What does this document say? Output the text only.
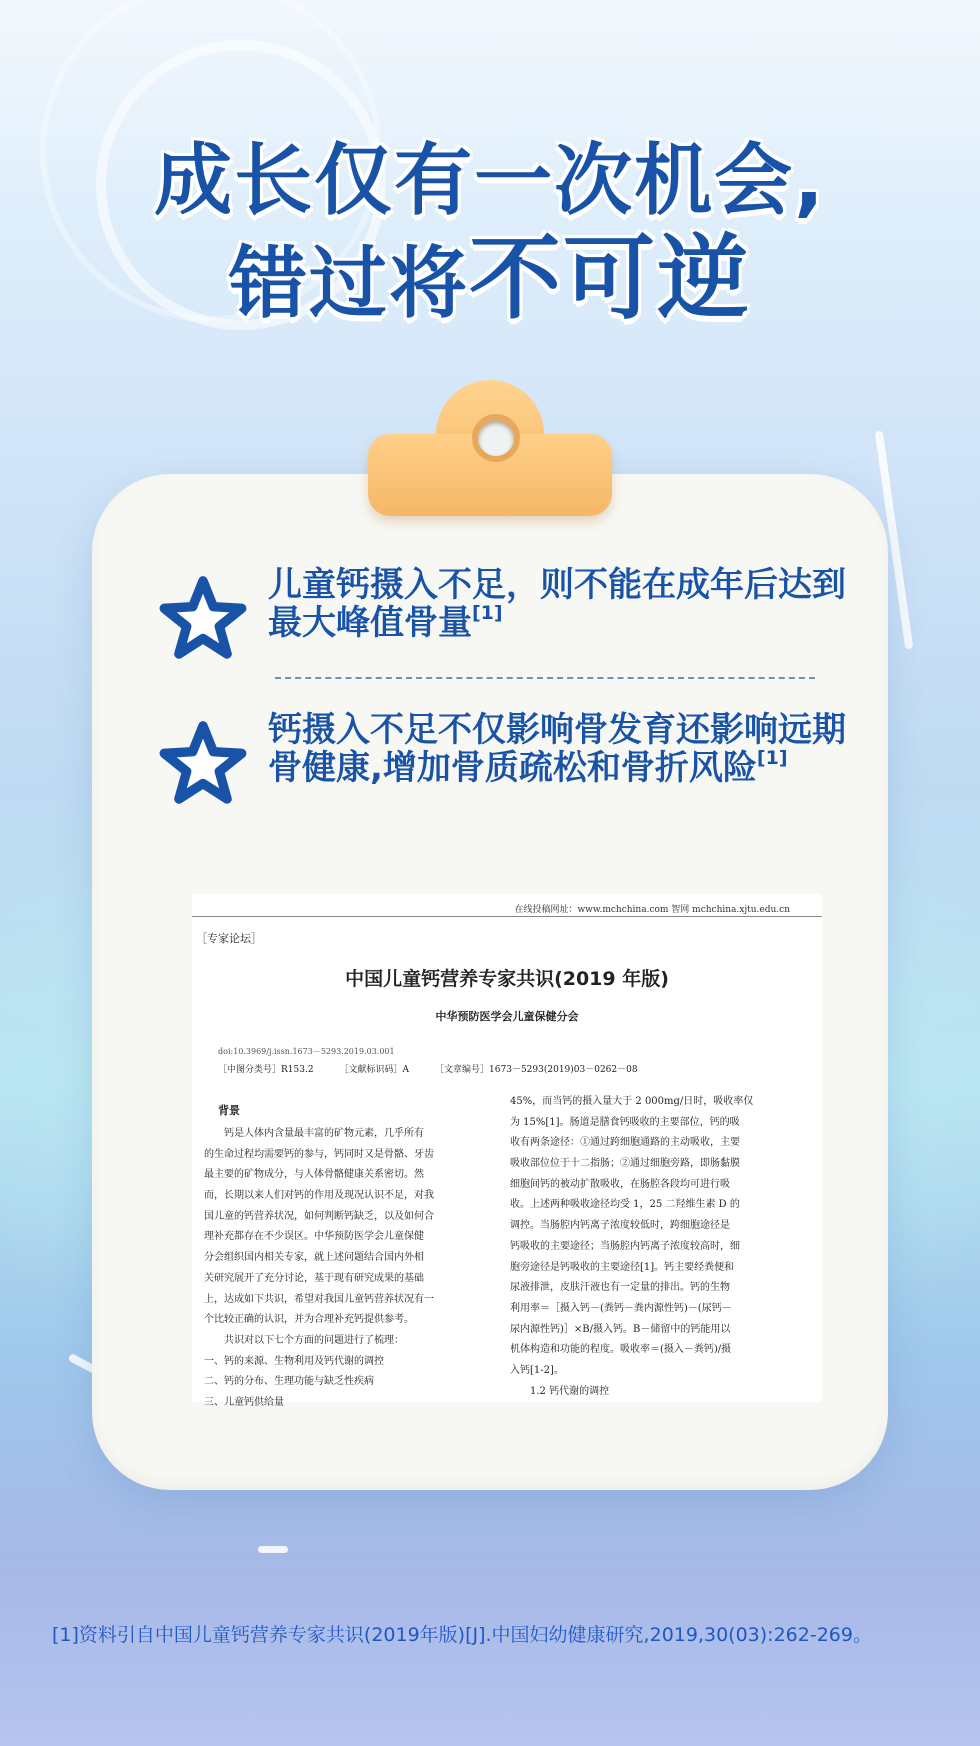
成长仅有一次机会,
错过将不可逆
儿童钙摄入不足，则不能在成年后达到最大峰值骨量[1]
钙摄入不足不仅影响骨发育还影响远期骨健康,增加骨质疏松和骨折风险[1]
在线投稿网址：www.mchchina.com 智网 mchchina.xjtu.edu.cn
［专家论坛］
中国儿童钙营养专家共识(2019 年版)
中华预防医学会儿童保健分会
doi:10.3969/j.issn.1673－5293.2019.03.001
［中图分类号］R153.2	［文献标识码］A	［文章编号］1673－5293(2019)03－0262－08
背景
　　钙是人体内含量最丰富的矿物元素，几乎所有
的生命过程均需要钙的参与，钙同时又是骨骼、牙齿
最主要的矿物成分，与人体骨骼健康关系密切。然
而，长期以来人们对钙的作用及现况认识不足，对我
国儿童的钙营养状况，如何判断钙缺乏，以及如何合
理补充都存在不少误区。中华预防医学会儿童保健
分会组织国内相关专家，就上述问题结合国内外相
关研究展开了充分讨论，基于现有研究成果的基础
上，达成如下共识，希望对我国儿童钙营养状况有一
个比较正确的认识，并为合理补充钙提供参考。
　　共识对以下七个方面的问题进行了梳理：
一、钙的来源、生物利用及钙代谢的调控
二、钙的分布、生理功能与缺乏性疾病
三、儿童钙供给量
45%，而当钙的摄入量大于 2 000mg/日时，吸收率仅
为 15%[1]。肠道是膳食钙吸收的主要部位，钙的吸
收有两条途径：①通过跨细胞通路的主动吸收，主要
吸收部位位于十二指肠；②通过细胞旁路，即肠黏膜
细胞间钙的被动扩散吸收，在肠腔各段均可进行吸
收。上述两种吸收途径均受 1，25 二羟维生素 D 的
调控。当肠腔内钙离子浓度较低时，跨细胞途径是
钙吸收的主要途径；当肠腔内钙离子浓度较高时，细
胞旁途径是钙吸收的主要途径[1]。钙主要经粪便和
尿液排泄，皮肤汗液也有一定量的排出。钙的生物
利用率＝［摄入钙－(粪钙－粪内源性钙)－(尿钙－
尿内源性钙)］×B/摄入钙。B－储留中的钙能用以
机体构造和功能的程度。吸收率＝(摄入－粪钙)/摄
入钙[1-2]。
　　1.2 钙代谢的调控
[1]资料引自中国儿童钙营养专家共识(2019年版)[J].中国妇幼健康研究,2019,30(03):262-269。
